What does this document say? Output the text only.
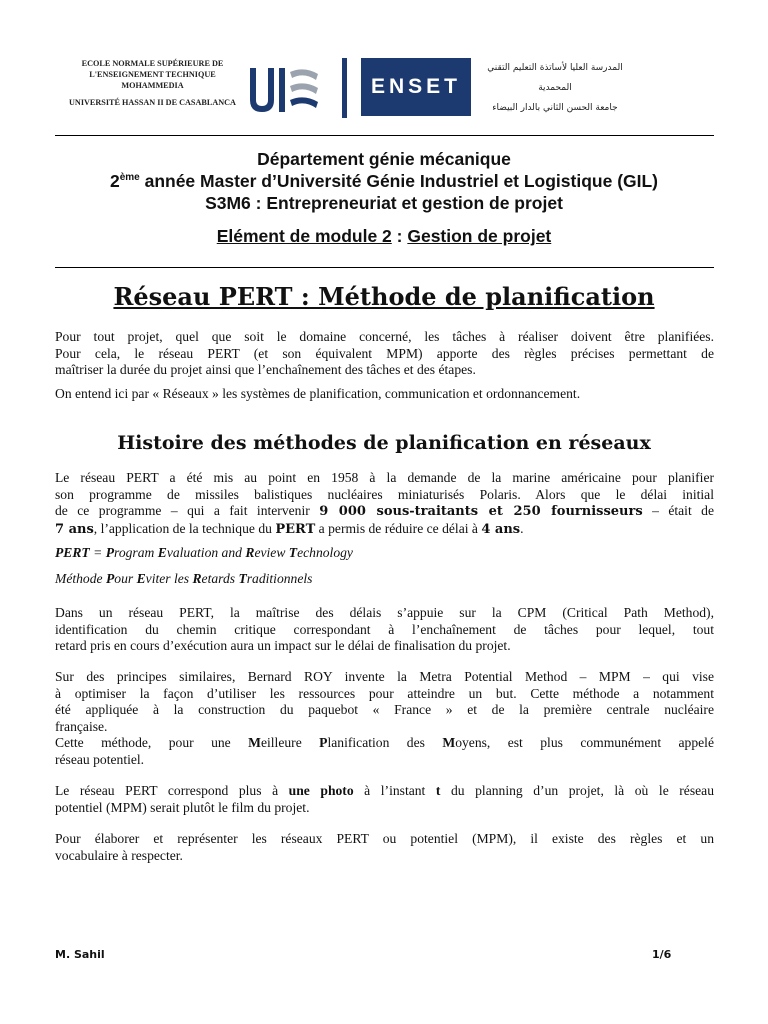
ECOLE NORMALE SUPÉRIEURE DE
L'ENSEIGNEMENT TECHNIQUE
MOHAMMEDIA
UNIVERSITÉ HASSAN II DE CASABLANCA
ENSET
المدرسة العليا لأساتذة التعليم التقني
المحمدية
جامعة الحسن الثاني بالدار البيضاء
Département génie mécanique
2ème année Master d’Université Génie Industriel et Logistique (GIL)
S3M6 : Entrepreneuriat et gestion de projet
Elément de module 2 : Gestion de projet
Réseau PERT : Méthode de planification
Pour tout projet, quel que soit le domaine concerné, les tâches à réaliser doivent être planifiées.
Pour cela, le réseau PERT (et son équivalent MPM) apporte des règles précises permettant de
maîtriser la durée du projet ainsi que l’enchaînement des tâches et des étapes.
On entend ici par « Réseaux » les systèmes de planification, communication et ordonnancement.
Histoire des méthodes de planification en réseaux
Le réseau PERT a été mis au point en 1958 à la demande de la marine américaine pour planifier
son programme de missiles balistiques nucléaires miniaturisés Polaris. Alors que le délai initial
de ce programme – qui a fait intervenir 9 000 sous-traitants et 250 fournisseurs – était de
7 ans, l’application de la technique du PERT a permis de réduire ce délai à 4 ans.
PERT = Program Evaluation and Review Technology
Méthode Pour Eviter les Retards Traditionnels
Dans un réseau PERT, la maîtrise des délais s’appuie sur la CPM (Critical Path Method),
identification du chemin critique correspondant à l’enchaînement de tâches pour lequel, tout
retard pris en cours d’exécution aura un impact sur le délai de finalisation du projet.
Sur des principes similaires, Bernard ROY invente la Metra Potential Method – MPM – qui vise
à optimiser la façon d’utiliser les ressources pour atteindre un but. Cette méthode a notamment
été appliquée à la construction du paquebot « France » et de la première centrale nucléaire
française.
Cette méthode, pour une Meilleure Planification des Moyens, est plus communément appelé
réseau potentiel.
Le réseau PERT correspond plus à une photo à l’instant t du planning d’un projet, là où le réseau
potentiel (MPM) serait plutôt le film du projet.
Pour élaborer et représenter les réseaux PERT ou potentiel (MPM), il existe des règles et un
vocabulaire à respecter.
M. Sahil	1/6
